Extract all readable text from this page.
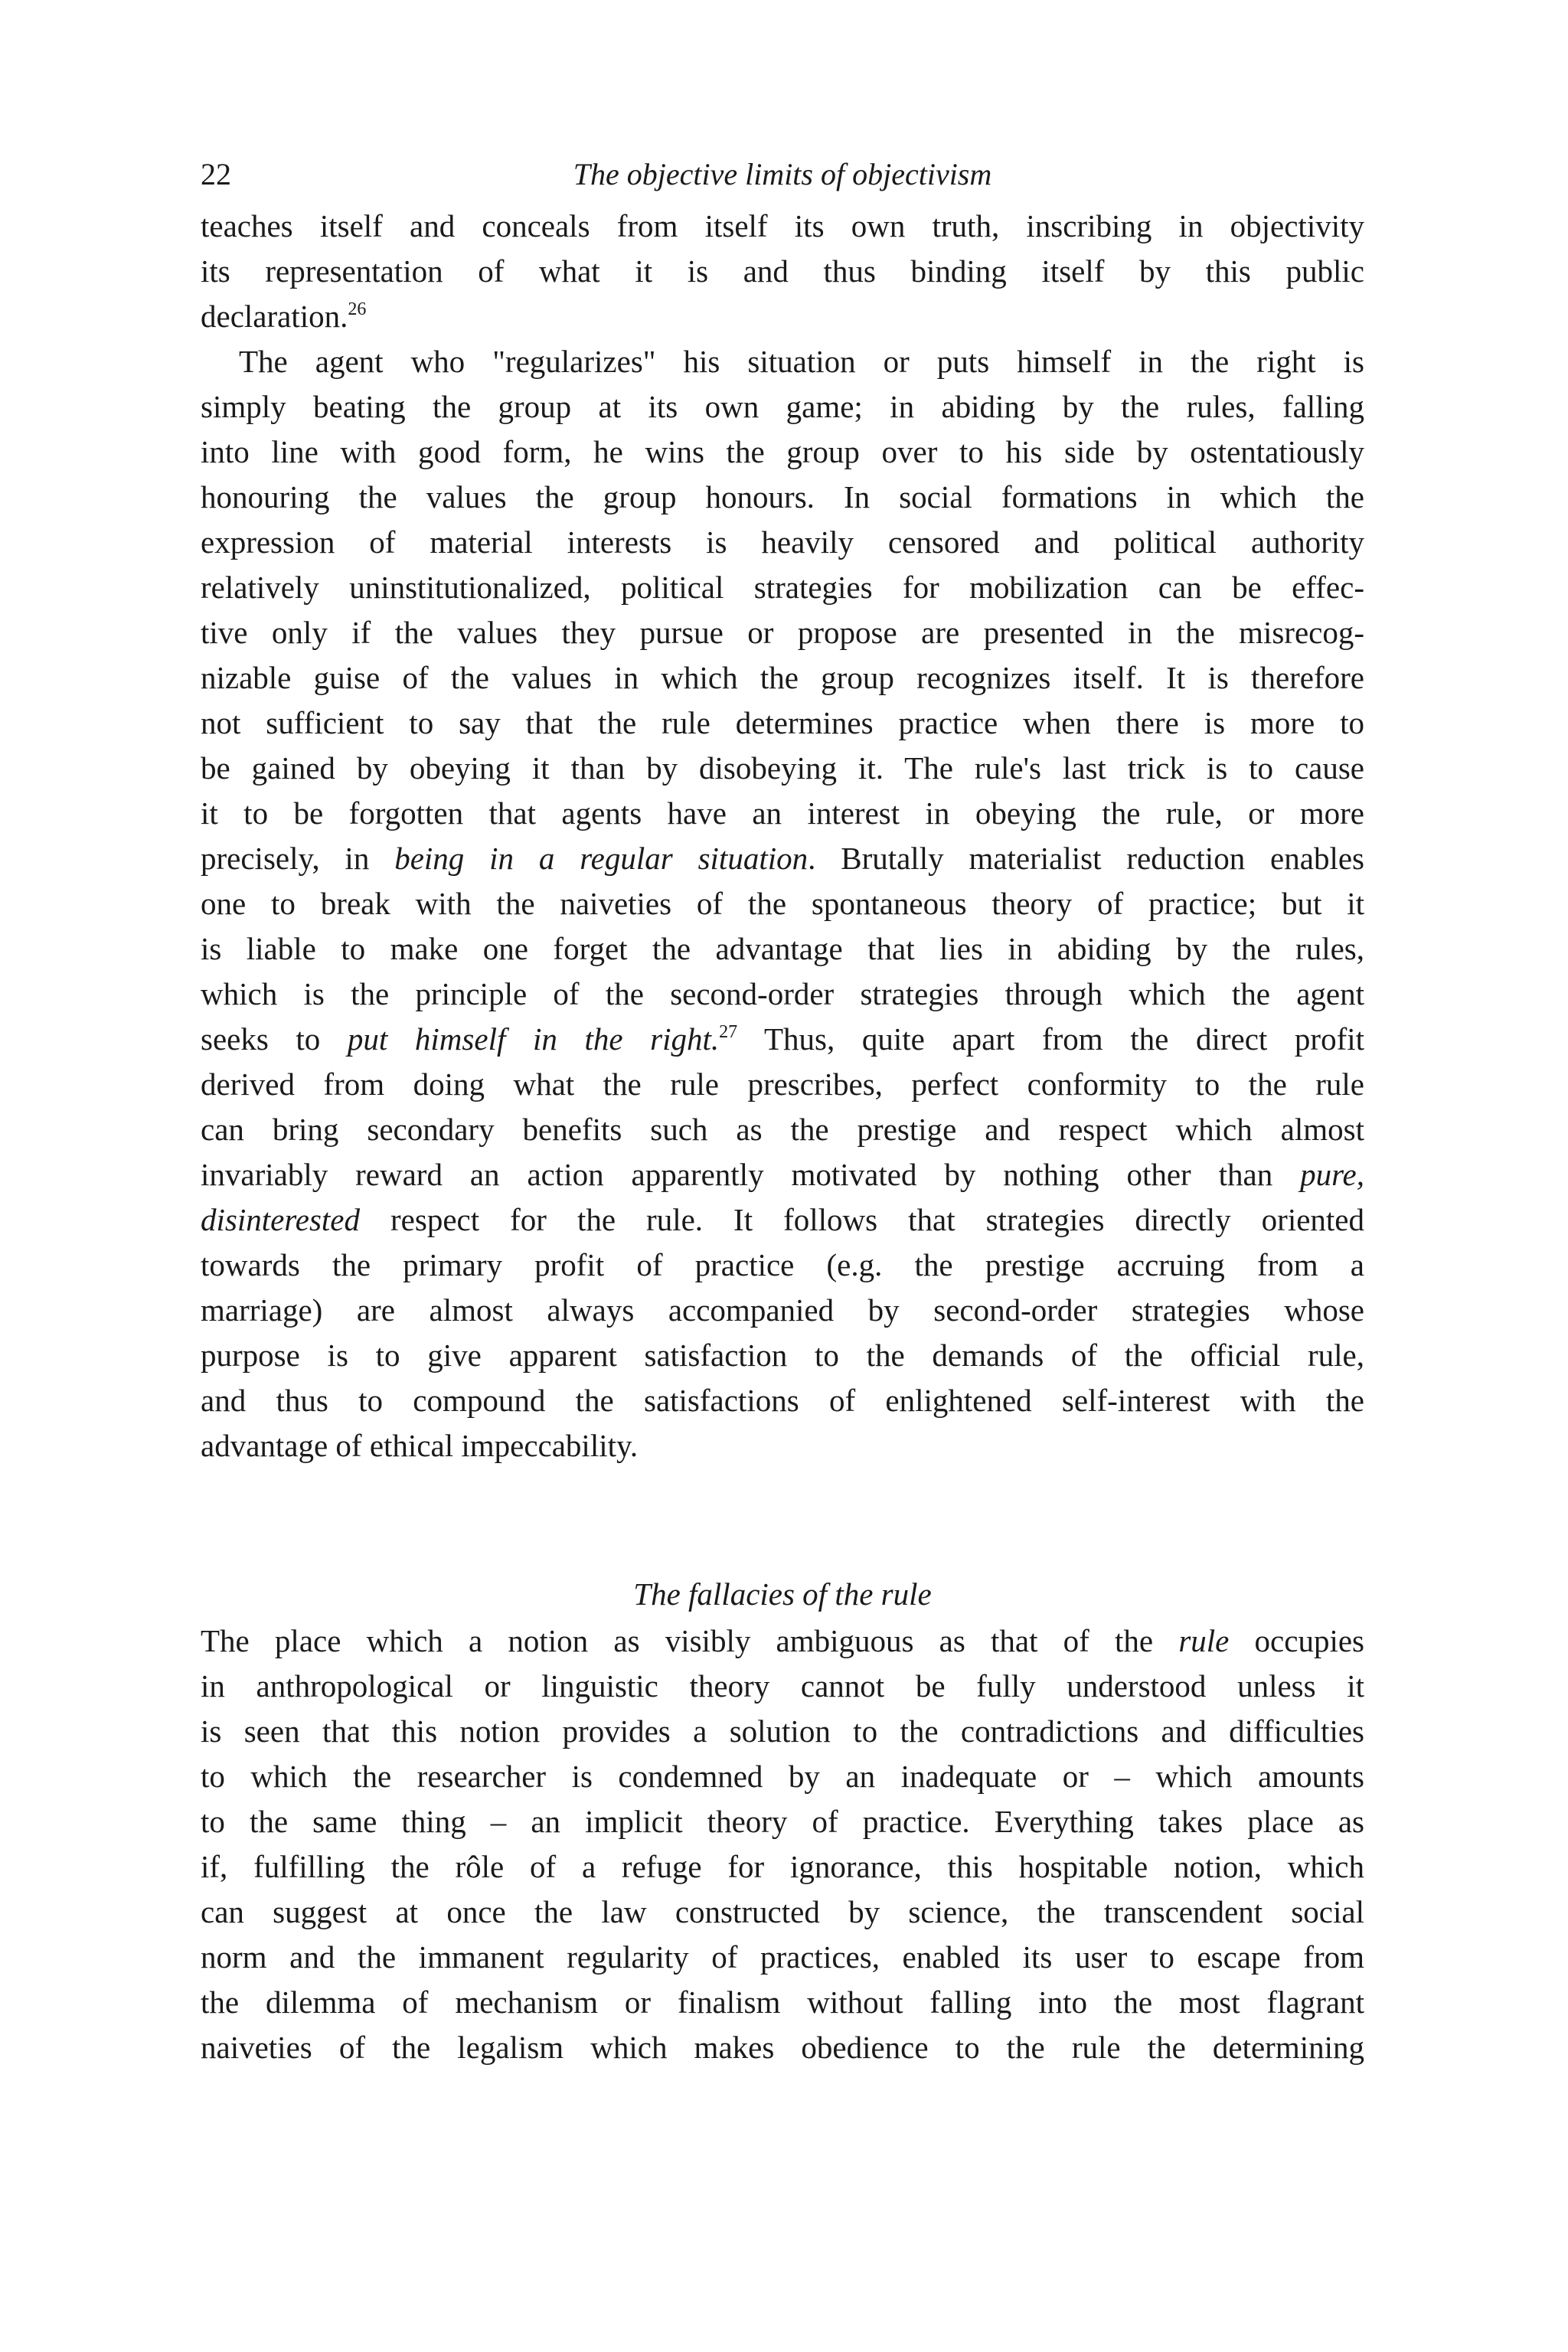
22	The objective limits of objectivism
teaches itself and conceals from itself its own truth, inscribing in objectivity
its representation of what it is and thus binding itself by this public
declaration.$^{26}$
The agent who "regularizes" his situation or puts himself in the right is
simply beating the group at its own game; in abiding by the rules, falling
into line with good form, he wins the group over to his side by ostentatiously
honouring the values the group honours. In social formations in which the
expression of material interests is heavily censored and political authority
relatively uninstitutionalized, political strategies for mobilization can be effec-
tive only if the values they pursue or propose are presented in the misrecog-
nizable guise of the values in which the group recognizes itself. It is therefore
not sufficient to say that the rule determines practice when there is more to
be gained by obeying it than by disobeying it. The rule's last trick is to cause
it to be forgotten that agents have an interest in obeying the rule, or more
precisely, in being in a regular situation. Brutally materialist reduction enables
one to break with the naiveties of the spontaneous theory of practice; but it
is liable to make one forget the advantage that lies in abiding by the rules,
which is the principle of the second-order strategies through which the agent
seeks to put himself in the right.$^{27}$ Thus, quite apart from the direct profit
derived from doing what the rule prescribes, perfect conformity to the rule
can bring secondary benefits such as the prestige and respect which almost
invariably reward an action apparently motivated by nothing other than pure,
disinterested respect for the rule. It follows that strategies directly oriented
towards the primary profit of practice (e.g. the prestige accruing from a
marriage) are almost always accompanied by second-order strategies whose
purpose is to give apparent satisfaction to the demands of the official rule,
and thus to compound the satisfactions of enlightened self-interest with the
advantage of ethical impeccability.
The fallacies of the rule
The place which a notion as visibly ambiguous as that of the rule occupies
in anthropological or linguistic theory cannot be fully understood unless it
is seen that this notion provides a solution to the contradictions and difficulties
to which the researcher is condemned by an inadequate or – which amounts
to the same thing – an implicit theory of practice. Everything takes place as
if, fulfilling the rôle of a refuge for ignorance, this hospitable notion, which
can suggest at once the law constructed by science, the transcendent social
norm and the immanent regularity of practices, enabled its user to escape from
the dilemma of mechanism or finalism without falling into the most flagrant
naiveties of the legalism which makes obedience to the rule the determining
